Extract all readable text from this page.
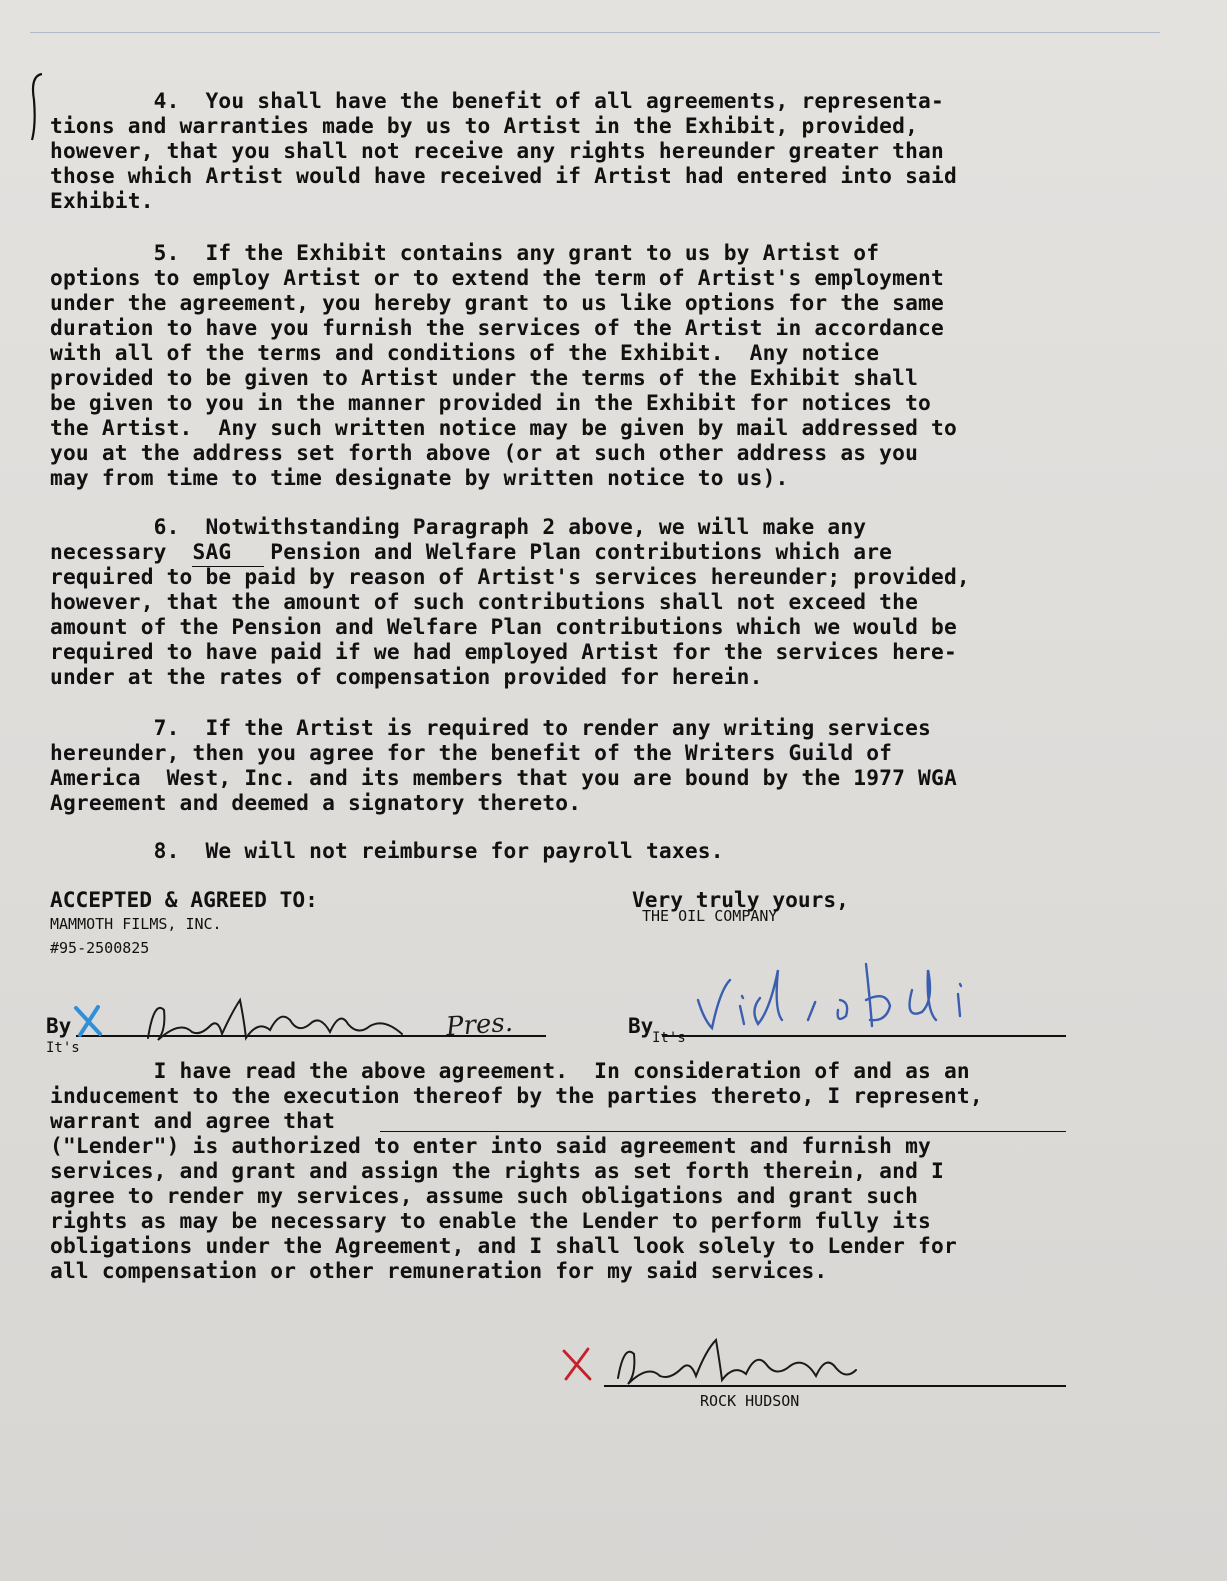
4.  You shall have the benefit of all agreements, representa-
tions and warranties made by us to Artist in the Exhibit, provided,
however, that you shall not receive any rights hereunder greater than
those which Artist would have received if Artist had entered into said
Exhibit.
5.  If the Exhibit contains any grant to us by Artist of
options to employ Artist or to extend the term of Artist's employment
under the agreement, you hereby grant to us like options for the same
duration to have you furnish the services of the Artist in accordance
with all of the terms and conditions of the Exhibit.  Any notice
provided to be given to Artist under the terms of the Exhibit shall
be given to you in the manner provided in the Exhibit for notices to
the Artist.  Any such written notice may be given by mail addressed to
you at the address set forth above (or at such other address as you
may from time to time designate by written notice to us).
6.  Notwithstanding Paragraph 2 above, we will make any
necessary  SAG   Pension and Welfare Plan contributions which are
required to be paid by reason of Artist's services hereunder; provided,
however, that the amount of such contributions shall not exceed the
amount of the Pension and Welfare Plan contributions which we would be
required to have paid if we had employed Artist for the services here-
under at the rates of compensation provided for herein.
7.  If the Artist is required to render any writing services
hereunder, then you agree for the benefit of the Writers Guild of
America  West, Inc. and its members that you are bound by the 1977 WGA
Agreement and deemed a signatory thereto.
8.  We will not reimburse for payroll taxes.
ACCEPTED & AGREED TO:	Very truly yours,
MAMMOTH FILMS, INC.	THE OIL COMPANY
#95-2500825
By
It's
Pres.	By
It's
I have read the above agreement.  In consideration of and as an
inducement to the execution thereof by the parties thereto, I represent,
warrant and agree that
("Lender") is authorized to enter into said agreement and furnish my
services, and grant and assign the rights as set forth therein, and I
agree to render my services, assume such obligations and grant such
rights as may be necessary to enable the Lender to perform fully its
obligations under the Agreement, and I shall look solely to Lender for
all compensation or other remuneration for my said services.
ROCK HUDSON
